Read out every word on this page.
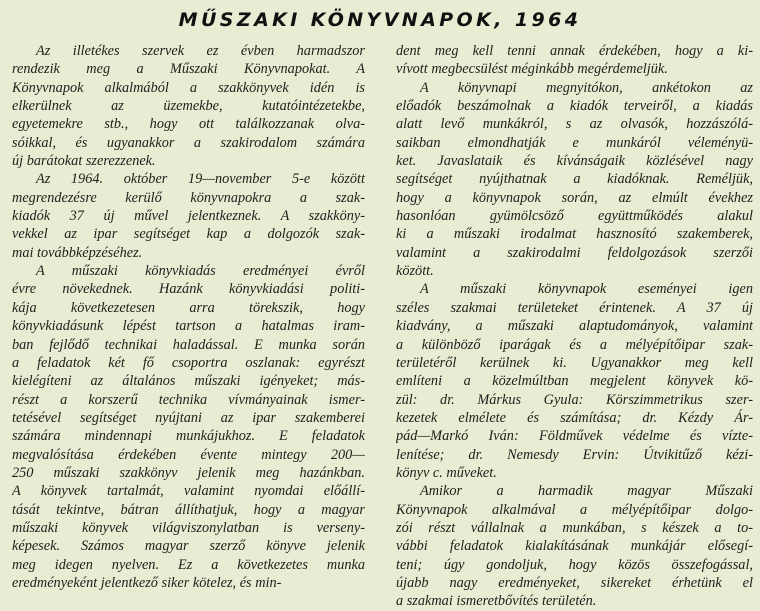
MŰSZAKI KÖNYVNAPOK, 1964
Az illetékes szervek ez évben harmadszor
rendezik meg a Műszaki Könyvnapokat. A
Könyvnapok alkalmából a szakkönyvek idén is
elkerülnek az üzemekbe, kutatóintézetekbe,
egyetemekre stb., hogy ott találkozzanak olva-
sóikkal, és ugyanakkor a szakirodalom számára
új barátokat szerezzenek.
Az 1964. október 19—november 5-e között
megrendezésre kerülő könyvnapokra a szak-
kiadók 37 új művel jelentkeznek. A szakköny-
vekkel az ipar segítséget kap a dolgozók szak-
mai továbbképzéséhez.
A műszaki könyvkiadás eredményei évről
évre növekednek. Hazánk könyvkiadási politi-
kája következetesen arra törekszik, hogy
könyvkiadásunk lépést tartson a hatalmas iram-
ban fejlődő technikai haladással. E munka során
a feladatok két fő csoportra oszlanak: egyrészt
kielégíteni az általános műszaki igényeket; más-
részt a korszerű technika vívmányainak ismer-
tetésével segítséget nyújtani az ipar szakemberei
számára mindennapi munkájukhoz. E feladatok
megvalósítása érdekében évente mintegy 200—
250 műszaki szakkönyv jelenik meg hazánkban.
A könyvek tartalmát, valamint nyomdai előállí-
tását tekintve, bátran állíthatjuk, hogy a magyar
műszaki könyvek világviszonylatban is verseny-
képesek. Számos magyar szerző könyve jelenik
meg idegen nyelven. Ez a következetes munka
eredményeként jelentkező siker kötelez, és min-
dent meg kell tenni annak érdekében, hogy a ki-
vívott megbecsülést méginkább megérdemeljük.
A könyvnapi megnyitókon, ankétokon az
előadók beszámolnak a kiadók terveiről, a kiadás
alatt levő munkákról, s az olvasók, hozzászólá-
saikban elmondhatják e munkáról véleményü-
ket. Javaslataik és kívánságaik közlésével nagy
segítséget nyújthatnak a kiadóknak. Reméljük,
hogy a könyvnapok során, az elmúlt évekhez
hasonlóan gyümölcsöző együttműködés alakul
ki a műszaki irodalmat hasznosító szakemberek,
valamint a szakirodalmi feldolgozások szerzői
között.
A műszaki könyvnapok eseményei igen
széles szakmai területeket érintenek. A 37 új
kiadvány, a műszaki alaptudományok, valamint
a különböző iparágak és a mélyépítőipar szak-
területéről kerülnek ki. Ugyanakkor meg kell
említeni a közelmúltban megjelent könyvek kö-
zül: dr. Márkus Gyula: Körszimmetrikus szer-
kezetek elmélete és számítása; dr. Kézdy Ár-
pád—Markó Iván: Földművek védelme és vízte-
lenítése; dr. Nemesdy Ervin: Útvikitűző kézi-
könyv c. műveket.
Amikor a harmadik magyar Műszaki
Könyvnapok alkalmával a mélyépítőipar dolgo-
zói részt vállalnak a munkában, s készek a to-
vábbi feladatok kialakításának munkájár elősegí-
teni; úgy gondoljuk, hogy közös összefogással,
újabb nagy eredményeket, sikereket érhetünk el
a szakmai ismeretbővítés területén.
